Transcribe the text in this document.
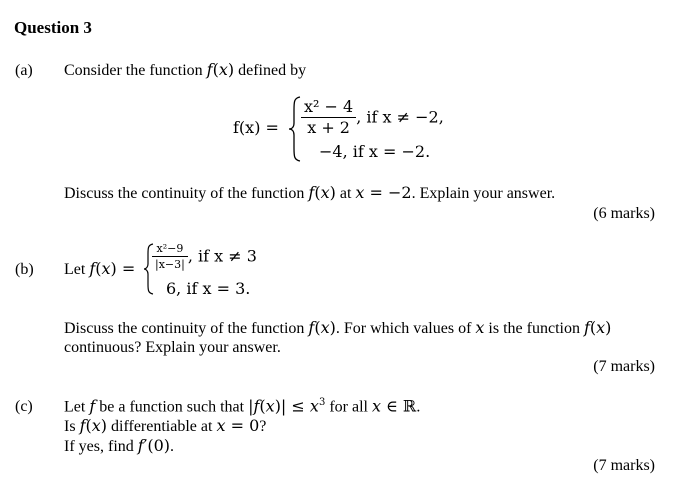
Question 3
(a) Consider the function f(x) defined by
$f(x) = \frac{\text{x² − 4}}{x + 2}$ , if x ≠ −2,
−4, if x = −2.
Discuss the continuity of the function f(x) at x = −2. Explain your answer.
(6 marks)
(b) Let $f(x) = \frac{\text{x²−9}}{|x-3|}$ , if x ≠ 3
6, if x = 3.
Discuss the continuity of the function f(x). For which values of x is the function f(x)
continuous? Explain your answer.
(7 marks)
(c) Let f be a function such that $|f(x)| \le x^3$ for all x ∈ ℝ.
Is f(x) differentiable at x = 0?
If yes, find f′(0).
(7 marks)
